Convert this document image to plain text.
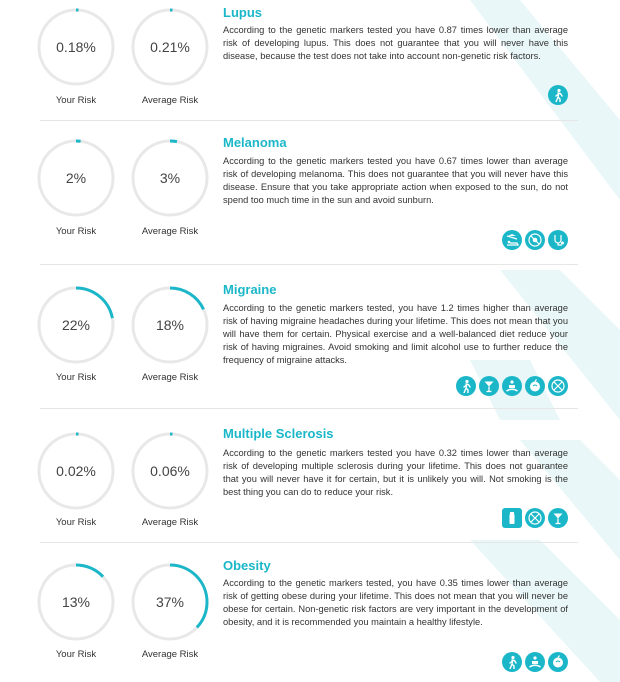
0.18%	0.21%
Your Risk	Average Risk
Lupus

According to the genetic markers tested you have 0.87 times lower than average risk of developing lupus. This does not guarantee that you will never have this disease, because the test does not take into account non-genetic risk factors.

2%	3%
Your Risk	Average Risk
Melanoma

According to the genetic markers tested you have 0.67 times lower than average risk of developing melanoma. This does not guarantee that you will never have this disease. Ensure that you take appropriate action when exposed to the sun, do not spend too much time in the sun and avoid sunburn.

22%	18%
Your Risk	Average Risk
Migraine

According to the genetic markers tested, you have 1.2 times higher than average risk of having migraine headaches during your lifetime. This does not mean that you will have them for certain. Physical exercise and a well-balanced diet reduce your risk of having migraines. Avoid smoking and limit alcohol use to further reduce the frequency of migraine attacks.

0.02%	0.06%
Your Risk	Average Risk
Multiple Sclerosis

According to the genetic markers tested you have 0.32 times lower than average risk of developing multiple sclerosis during your lifetime. This does not guarantee that you will never have it for certain, but it is unlikely you will. Not smoking is the best thing you can do to reduce your risk.

13%	37%
Your Risk	Average Risk
Obesity

According to the genetic markers tested, you have 0.35 times lower than average risk of getting obese during your lifetime. This does not mean that you will never be obese for certain. Non-genetic risk factors are very important in the development of obesity, and it is recommended you maintain a healthy lifestyle.
